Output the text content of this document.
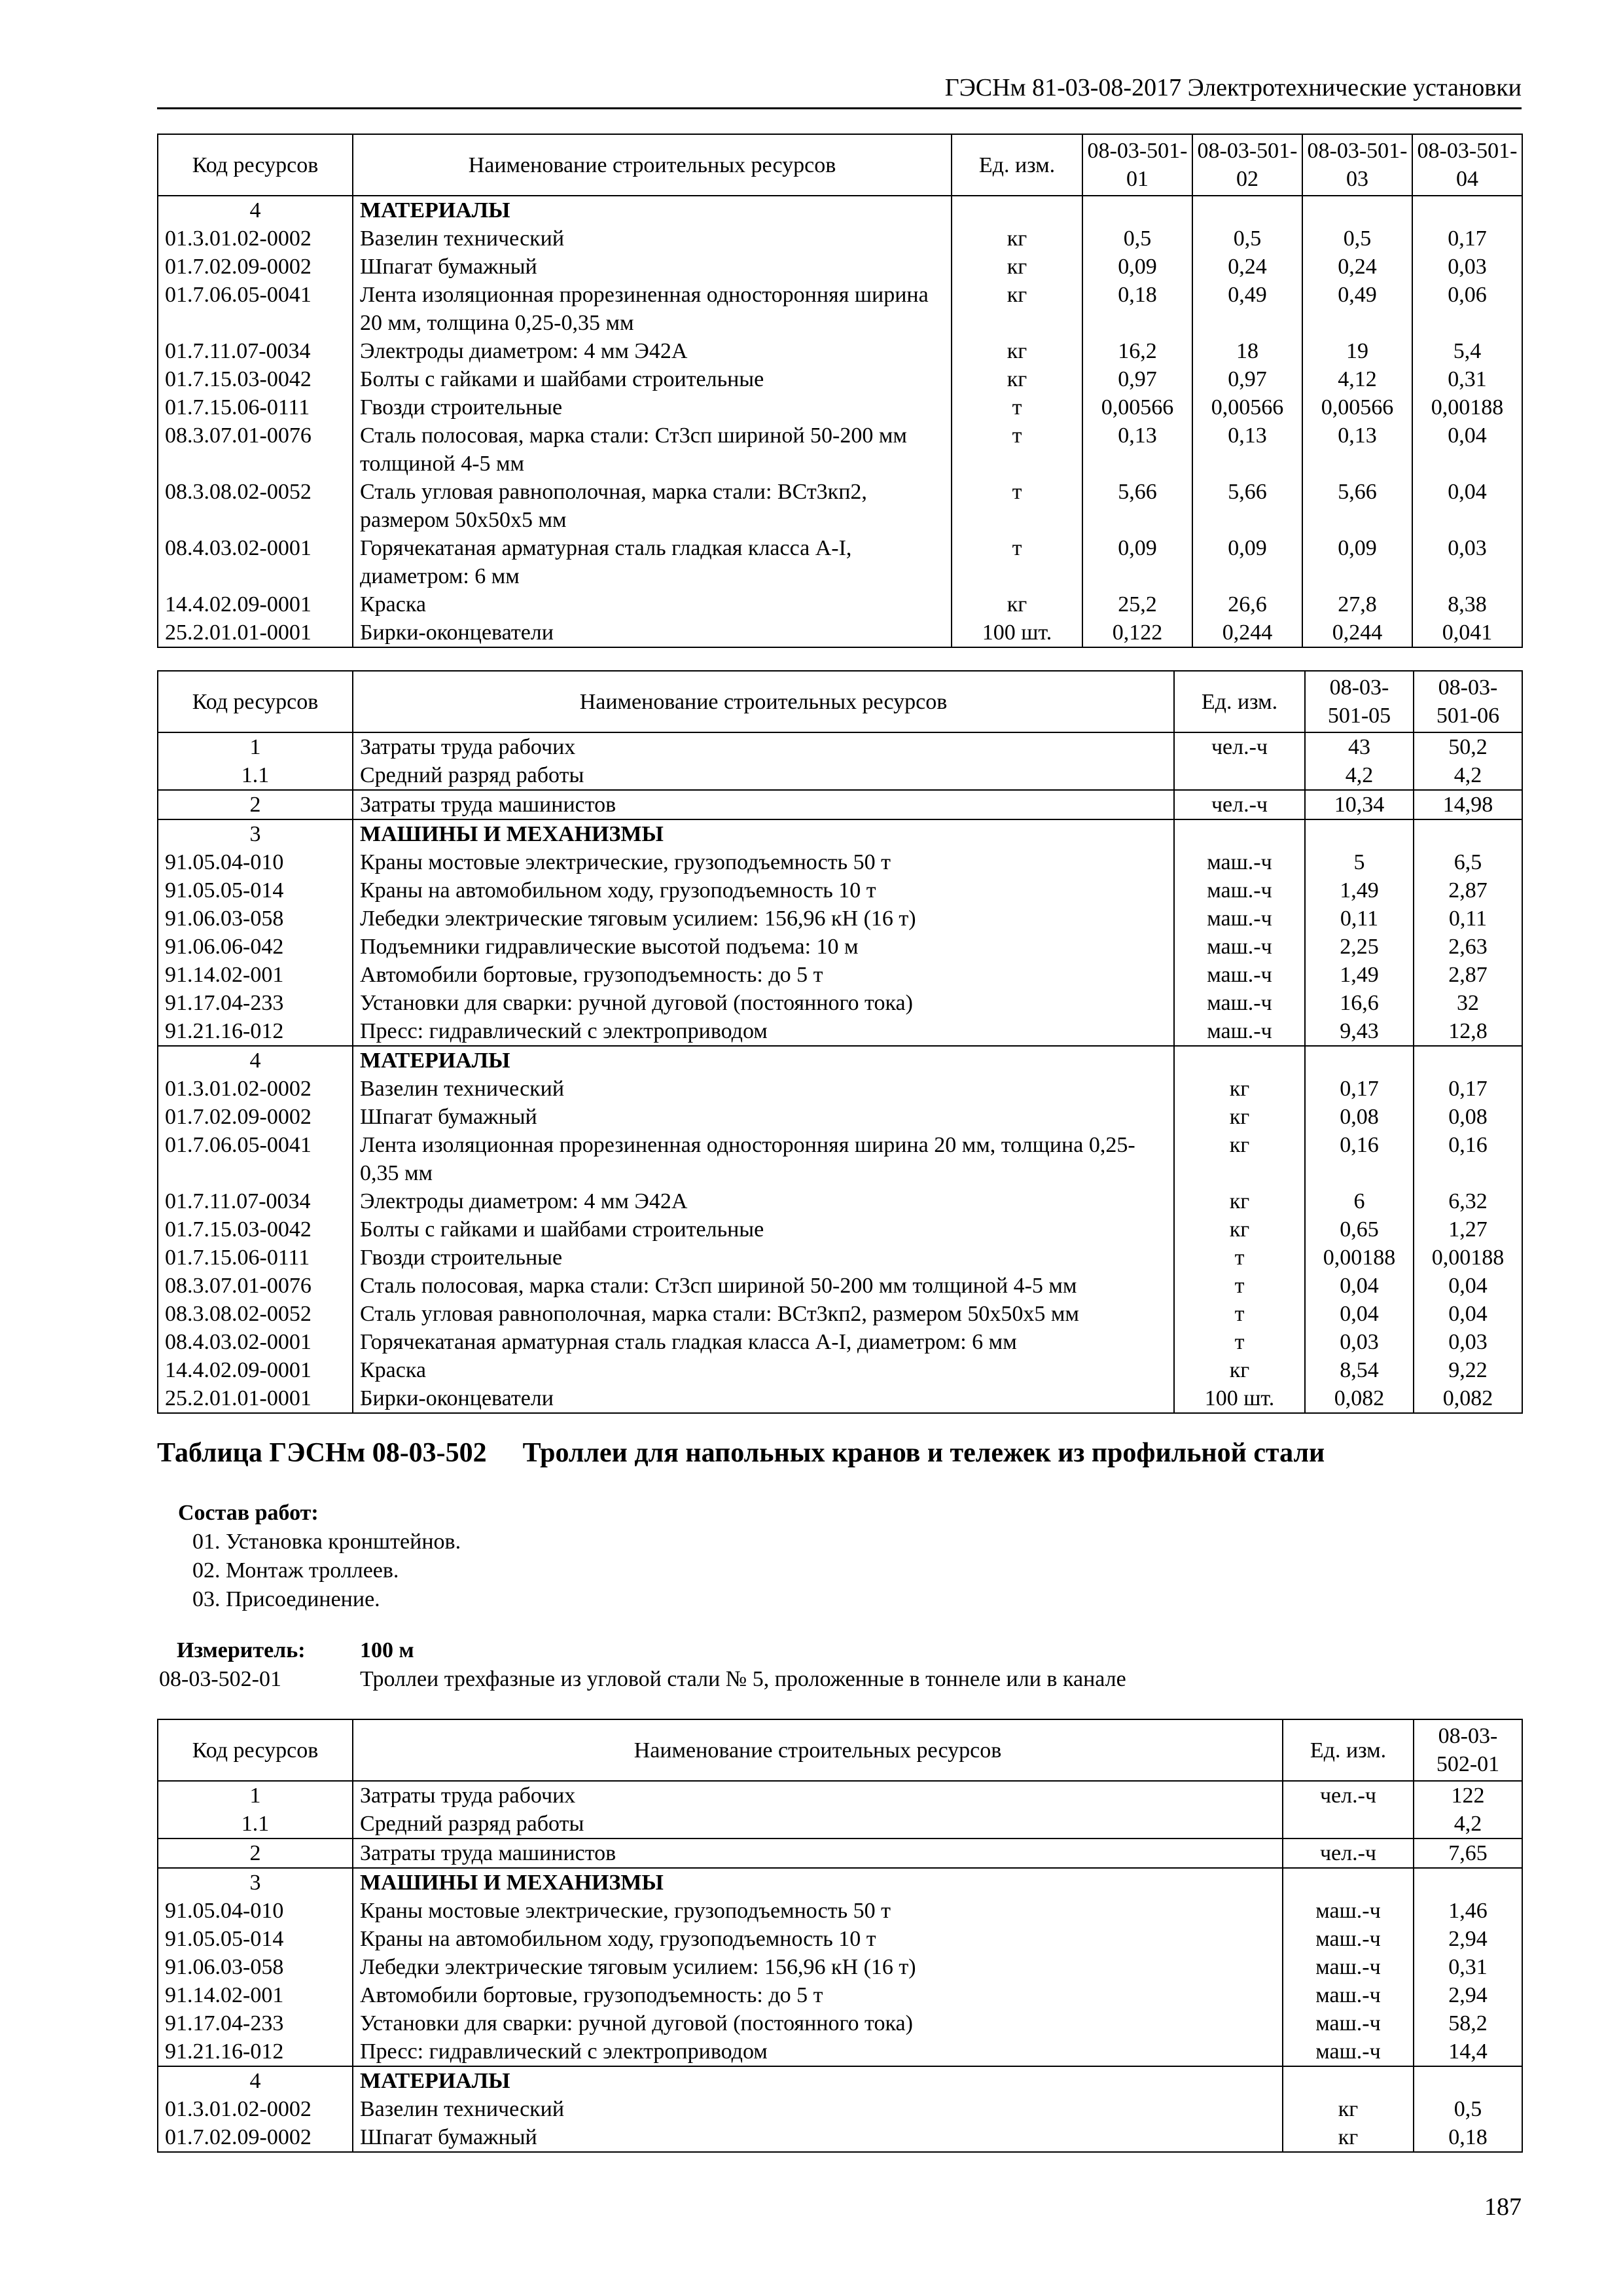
ГЭСНм 81-03-08-2017 Электротехнические установки
Код ресурсов	Наименование строительных ресурсов	Ед. изм.	08-03-501-01	08-03-501-02	08-03-501-03	08-03-501-04
4	МАТЕРИАЛЫ					
01.3.01.02-0002	Вазелин технический	кг	0,5	0,5	0,5	0,17
01.7.02.09-0002	Шпагат бумажный	кг	0,09	0,24	0,24	0,03
01.7.06.05-0041	Лента изоляционная прорезиненная односторонняя ширина 20 мм, толщина 0,25-0,35 мм	кг	0,18	0,49	0,49	0,06
01.7.11.07-0034	Электроды диаметром: 4 мм Э42А	кг	16,2	18	19	5,4
01.7.15.03-0042	Болты с гайками и шайбами строительные	кг	0,97	0,97	4,12	0,31
01.7.15.06-0111	Гвозди строительные	т	0,00566	0,00566	0,00566	0,00188
08.3.07.01-0076	Сталь полосовая, марка стали: Ст3сп шириной 50-200 мм толщиной 4-5 мм	т	0,13	0,13	0,13	0,04
08.3.08.02-0052	Сталь угловая равнополочная, марка стали: ВСт3кп2, размером 50х50х5 мм	т	5,66	5,66	5,66	0,04
08.4.03.02-0001	Горячекатаная арматурная сталь гладкая класса А-I, диаметром: 6 мм	т	0,09	0,09	0,09	0,03
14.4.02.09-0001	Краска	кг	25,2	26,6	27,8	8,38
25.2.01.01-0001	Бирки-оконцеватели	100 шт.	0,122	0,244	0,244	0,041
Код ресурсов	Наименование строительных ресурсов	Ед. изм.	08-03-501-05	08-03-501-06
1	Затраты труда рабочих	чел.-ч	43	50,2
1.1	Средний разряд работы		4,2	4,2
2	Затраты труда машинистов	чел.-ч	10,34	14,98
3	МАШИНЫ И МЕХАНИЗМЫ			
91.05.04-010	Краны мостовые электрические, грузоподъемность 50 т	маш.-ч	5	6,5
91.05.05-014	Краны на автомобильном ходу, грузоподъемность 10 т	маш.-ч	1,49	2,87
91.06.03-058	Лебедки электрические тяговым усилием: 156,96 кН (16 т)	маш.-ч	0,11	0,11
91.06.06-042	Подъемники гидравлические высотой подъема: 10 м	маш.-ч	2,25	2,63
91.14.02-001	Автомобили бортовые, грузоподъемность: до 5 т	маш.-ч	1,49	2,87
91.17.04-233	Установки для сварки: ручной дуговой (постоянного тока)	маш.-ч	16,6	32
91.21.16-012	Пресс: гидравлический с электроприводом	маш.-ч	9,43	12,8
4	МАТЕРИАЛЫ			
01.3.01.02-0002	Вазелин технический	кг	0,17	0,17
01.7.02.09-0002	Шпагат бумажный	кг	0,08	0,08
01.7.06.05-0041	Лента изоляционная прорезиненная односторонняя ширина 20 мм, толщина 0,25-0,35 мм	кг	0,16	0,16
01.7.11.07-0034	Электроды диаметром: 4 мм Э42А	кг	6	6,32
01.7.15.03-0042	Болты с гайками и шайбами строительные	кг	0,65	1,27
01.7.15.06-0111	Гвозди строительные	т	0,00188	0,00188
08.3.07.01-0076	Сталь полосовая, марка стали: Ст3сп шириной 50-200 мм толщиной 4-5 мм	т	0,04	0,04
08.3.08.02-0052	Сталь угловая равнополочная, марка стали: ВСт3кп2, размером 50х50х5 мм	т	0,04	0,04
08.4.03.02-0001	Горячекатаная арматурная сталь гладкая класса А-I, диаметром: 6 мм	т	0,03	0,03
14.4.02.09-0001	Краска	кг	8,54	9,22
25.2.01.01-0001	Бирки-оконцеватели	100 шт.	0,082	0,082
Таблица ГЭСНм 08-03-502 Троллеи для напольных кранов и тележек из профильной стали
Состав работ:
01. Установка кронштейнов.
02. Монтаж троллеев.
03. Присоединение.
Измеритель: 100 м
08-03-502-01	Троллеи трехфазные из угловой стали № 5, проложенные в тоннеле или в канале
Код ресурсов	Наименование строительных ресурсов	Ед. изм.	08-03-502-01
1	Затраты труда рабочих	чел.-ч	122
1.1	Средний разряд работы		4,2
2	Затраты труда машинистов	чел.-ч	7,65
3	МАШИНЫ И МЕХАНИЗМЫ		
91.05.04-010	Краны мостовые электрические, грузоподъемность 50 т	маш.-ч	1,46
91.05.05-014	Краны на автомобильном ходу, грузоподъемность 10 т	маш.-ч	2,94
91.06.03-058	Лебедки электрические тяговым усилием: 156,96 кН (16 т)	маш.-ч	0,31
91.14.02-001	Автомобили бортовые, грузоподъемность: до 5 т	маш.-ч	2,94
91.17.04-233	Установки для сварки: ручной дуговой (постоянного тока)	маш.-ч	58,2
91.21.16-012	Пресс: гидравлический с электроприводом	маш.-ч	14,4
4	МАТЕРИАЛЫ		
01.3.01.02-0002	Вазелин технический	кг	0,5
01.7.02.09-0002	Шпагат бумажный	кг	0,18
187
